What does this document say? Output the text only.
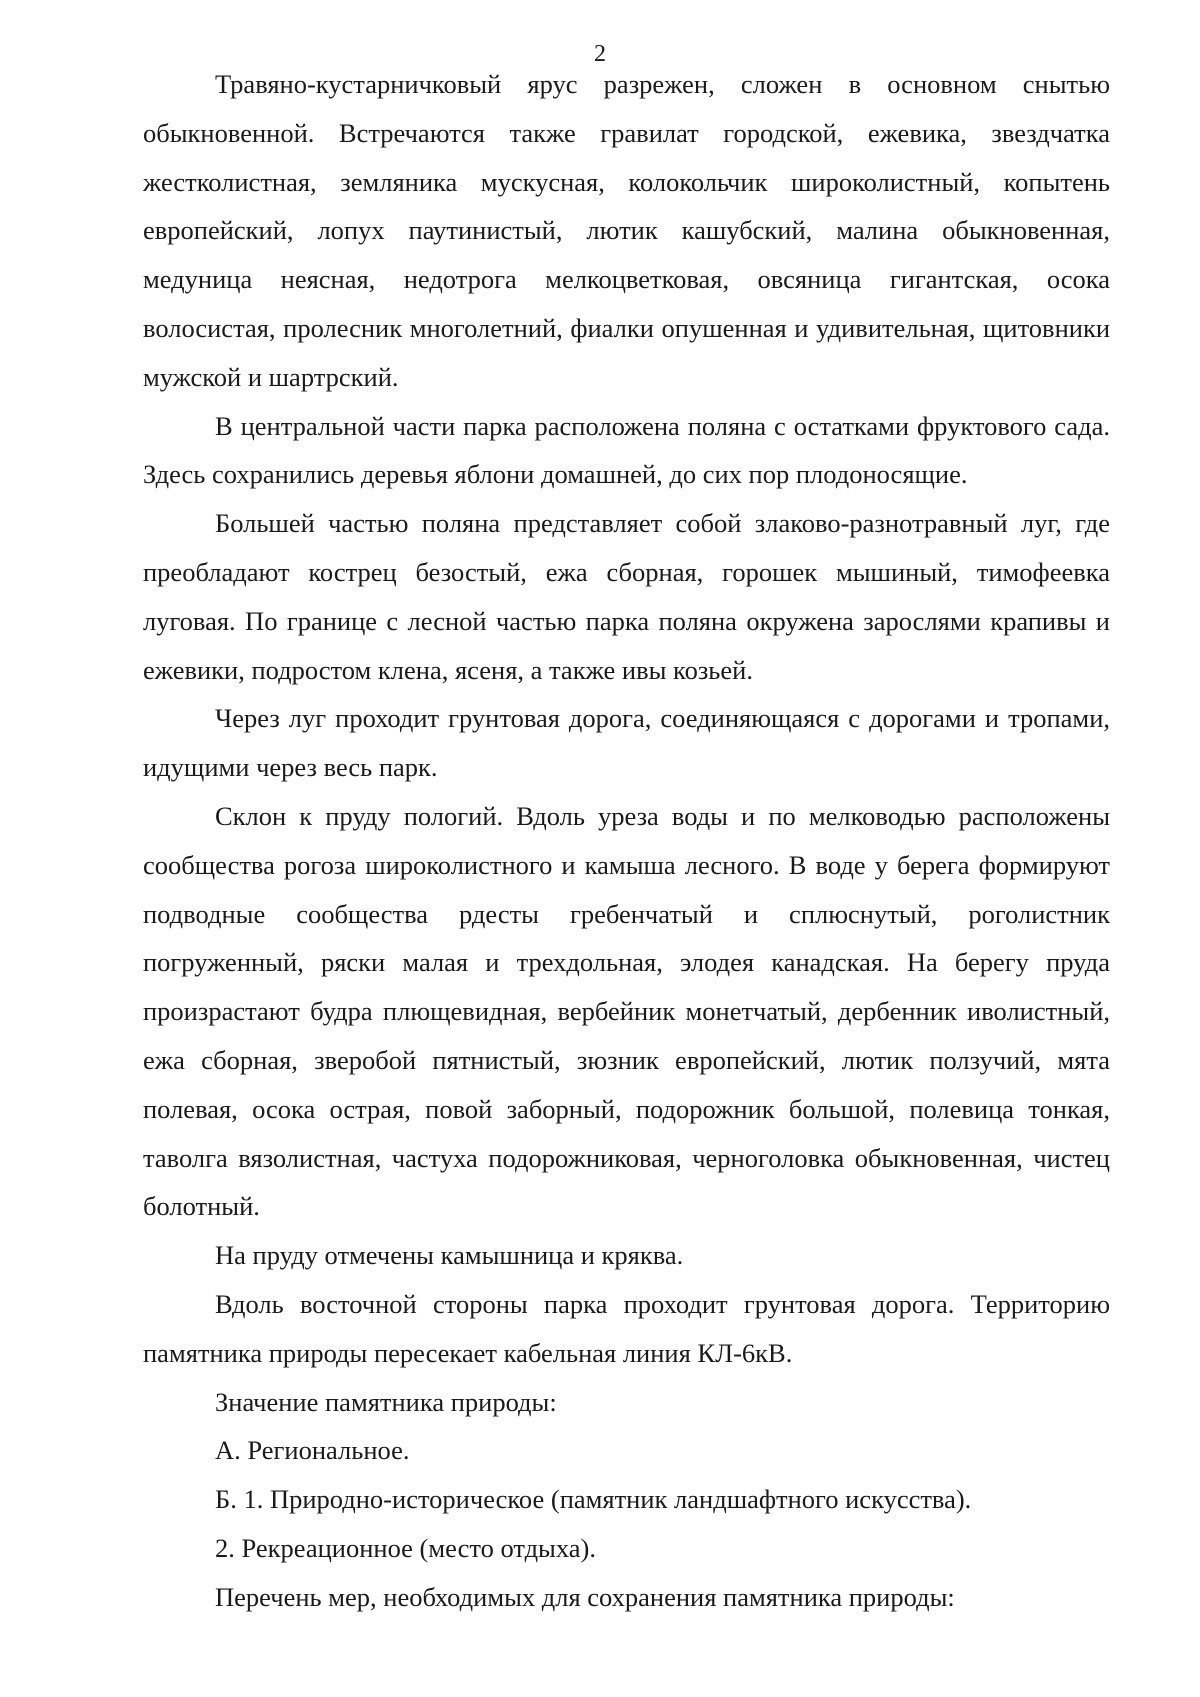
2

Травяно-кустарничковый ярус разрежен, сложен в основном снытью обыкновенной. Встречаются также гравилат городской, ежевика, звездчатка жестколистная, земляника мускусная, колокольчик широколистный, копытень европейский, лопух паутинистый, лютик кашубский, малина обыкновенная, медуница неясная, недотрога мелкоцветковая, овсяница гигантская, осока волосистая, пролесник многолетний, фиалки опушенная и удивительная, щитовники мужской и шартрский.

В центральной части парка расположена поляна с остатками фруктового сада. Здесь сохранились деревья яблони домашней, до сих пор плодоносящие.

Большей частью поляна представляет собой злаково-разнотравный луг, где преобладают кострец безостый, ежа сборная, горошек мышиный, тимофеевка луговая. По границе с лесной частью парка поляна окружена зарослями крапивы и ежевики, подростом клена, ясеня, а также ивы козьей.

Через луг проходит грунтовая дорога, соединяющаяся с дорогами и тропами, идущими через весь парк.

Склон к пруду пологий. Вдоль уреза воды и по мелководью расположены сообщества рогоза широколистного и камыша лесного. В воде у берега формируют подводные сообщества рдесты гребенчатый и сплюснутый, роголистник погруженный, ряски малая и трехдольная, элодея канадская. На берегу пруда произрастают будра плющевидная, вербейник монетчатый, дербенник иволистный, ежа сборная, зверобой пятнистый, зюзник европейский, лютик ползучий, мята полевая, осока острая, повой заборный, подорожник большой, полевица тонкая, таволга вязолистная, частуха подорожниковая, черноголовка обыкновенная, чистец болотный.

На пруду отмечены камышница и кряква.

Вдоль восточной стороны парка проходит грунтовая дорога. Территорию памятника природы пересекает кабельная линия КЛ-6кВ.

Значение памятника природы:

А. Региональное.

Б. 1. Природно-историческое (памятник ландшафтного искусства).

2. Рекреационное (место отдыха).

Перечень мер, необходимых для сохранения памятника природы:
